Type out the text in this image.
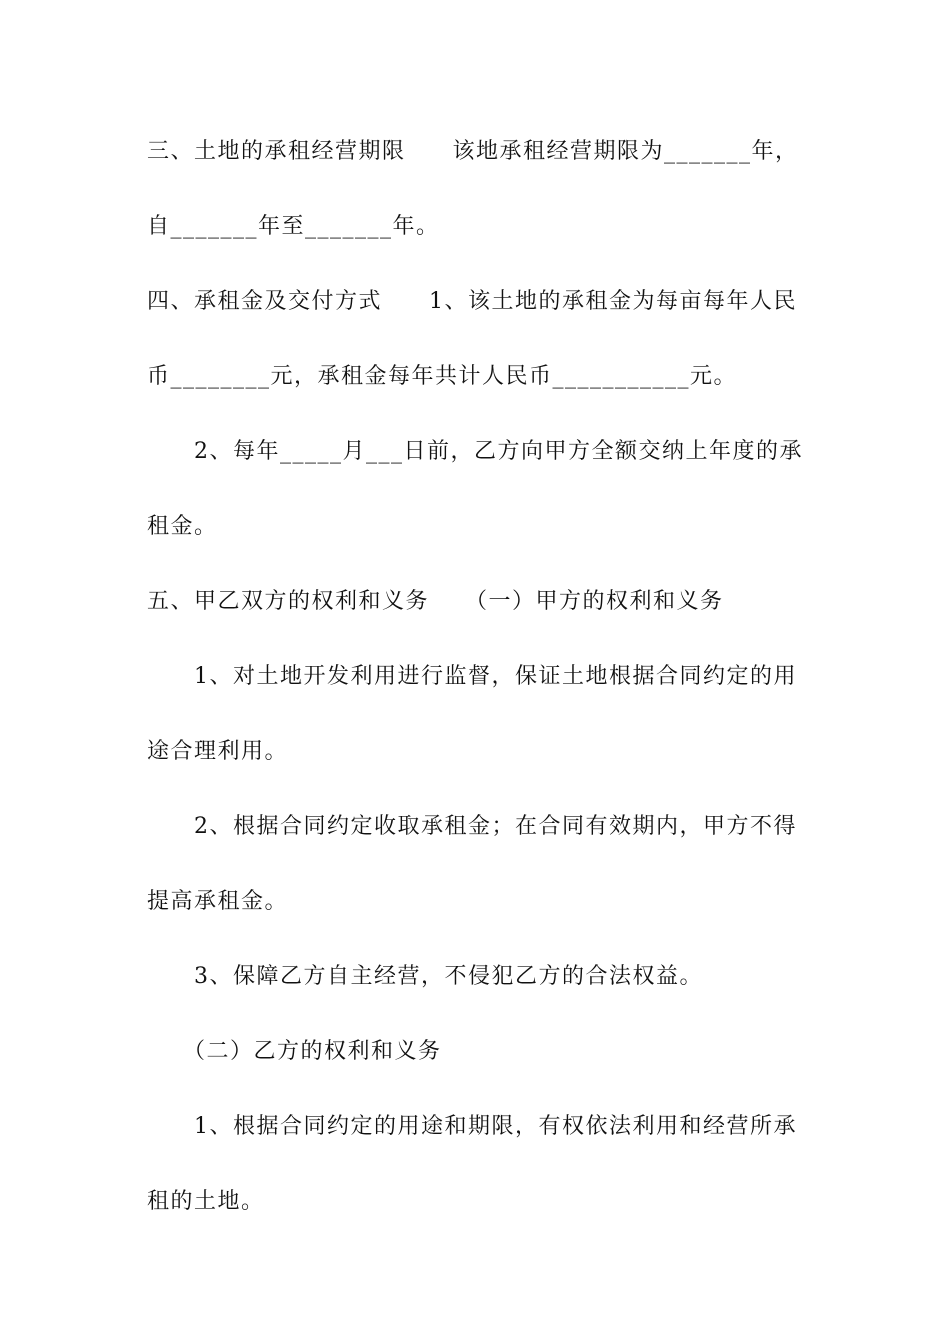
三、土地的承租经营期限　　该地承租经营期限为_______年，
自_______年至_______年。
四、承租金及交付方式　　1、该土地的承租金为每亩每年人民
币________元，承租金每年共计人民币___________元。
　　2、每年_____月___日前，乙方向甲方全额交纳上年度的承
租金。
五、甲乙双方的权利和义务　　（一）甲方的权利和义务
　　1、对土地开发利用进行监督，保证土地根据合同约定的用
途合理利用。
　　2、根据合同约定收取承租金；在合同有效期内，甲方不得
提高承租金。
　　3、保障乙方自主经营，不侵犯乙方的合法权益。
　　（二）乙方的权利和义务
　　1、根据合同约定的用途和期限，有权依法利用和经营所承
租的土地。
